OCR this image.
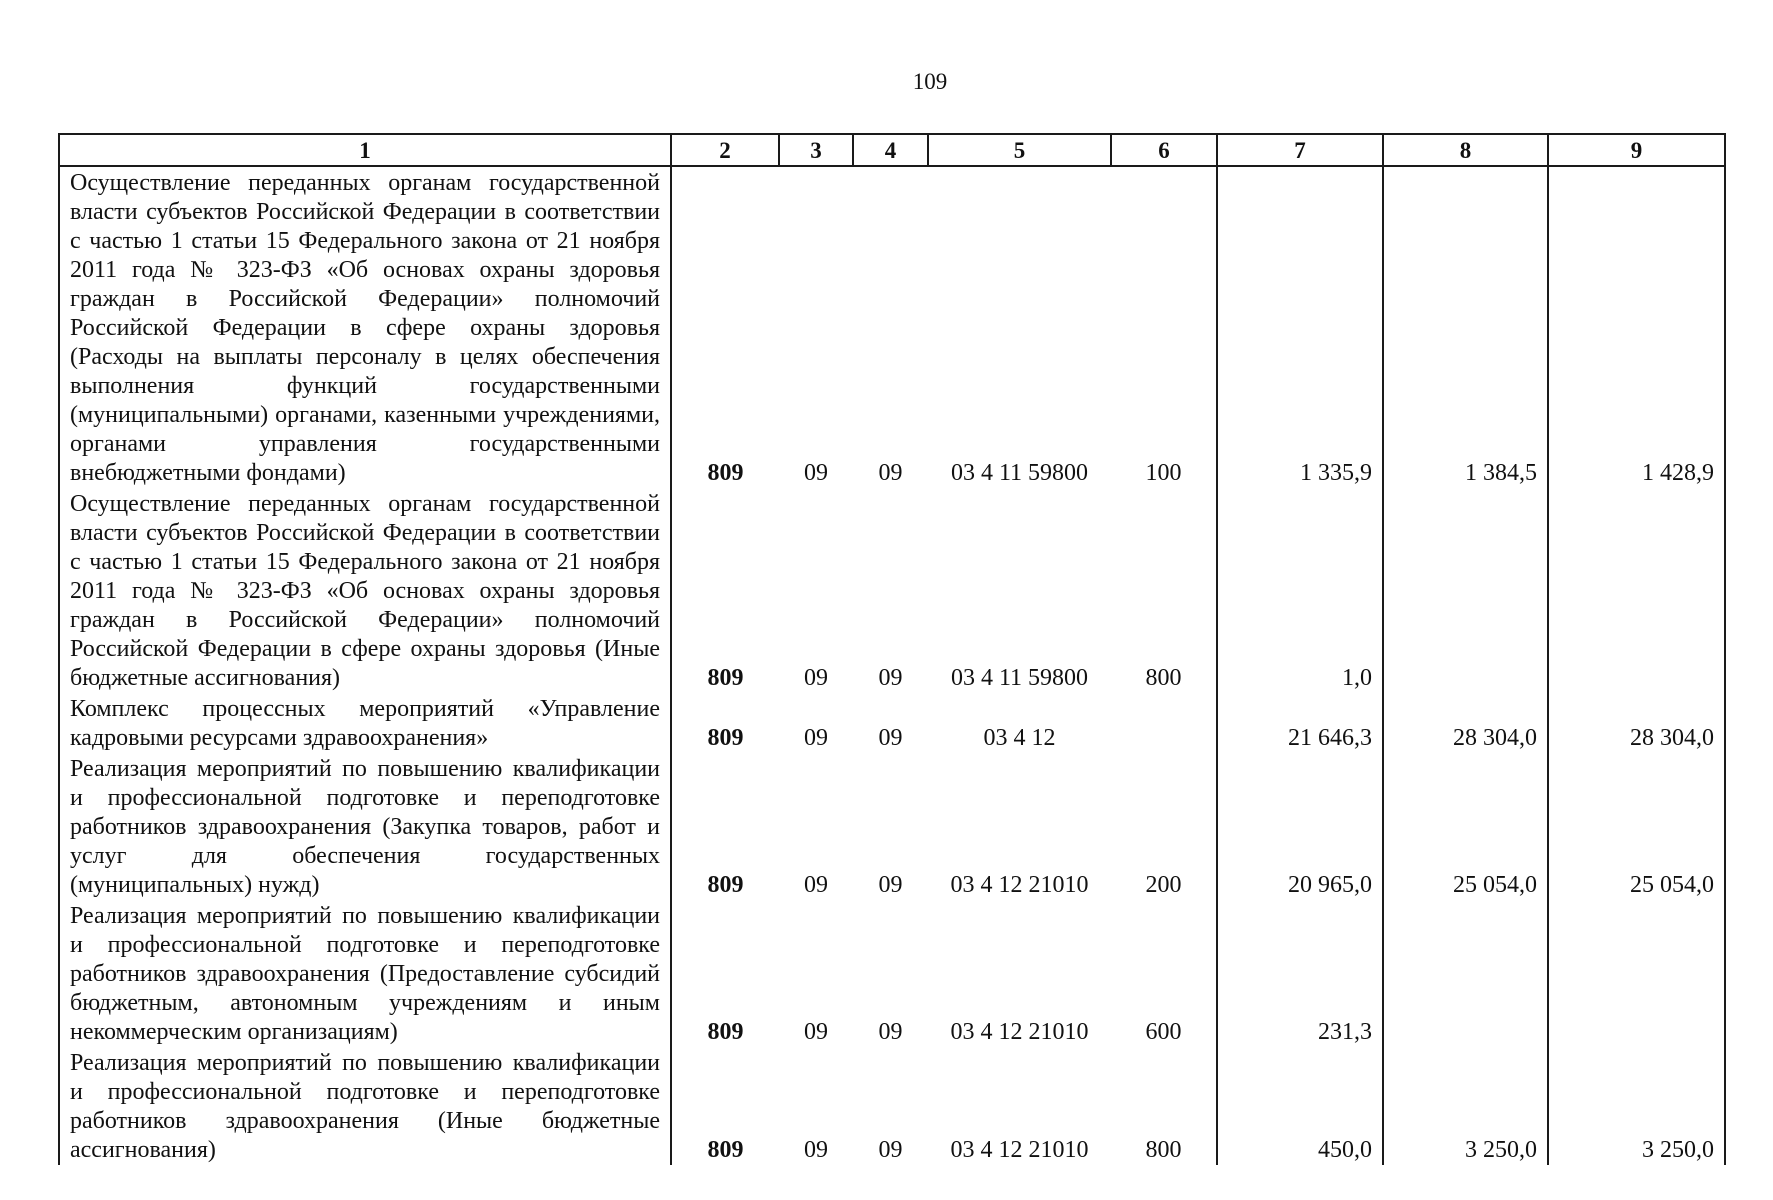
109
1	2	3	4	5	6	7	8	9
Осуществление переданных органам государственной власти субъектов Российской Федерации в соответствии с частью 1 статьи 15 Федерального закона от 21 ноября 2011 года № 323-ФЗ «Об основах охраны здоровья граждан в Российской Федерации» полномочий Российской Федерации в сфере охраны здоровья (Расходы на выплаты персоналу в целях обеспечения выполнения функций государственными (муниципальными) органами, казенными учреждениями, органами управления государственными внебюджетными фондами)	809	09	09	03 4 11 59800	100	1 335,9	1 384,5	1 428,9
Осуществление переданных органам государственной власти субъектов Российской Федерации в соответствии с частью 1 статьи 15 Федерального закона от 21 ноября 2011 года № 323-ФЗ «Об основах охраны здоровья граждан в Российской Федерации» полномочий Российской Федерации в сфере охраны здоровья (Иные бюджетные ассигнования)	809	09	09	03 4 11 59800	800	1,0		
Комплекс процессных мероприятий «Управление кадровыми ресурсами здравоохранения»	809	09	09	03 4 12		21 646,3	28 304,0	28 304,0
Реализация мероприятий по повышению квалификации и профессиональной подготовке и переподготовке работников здравоохранения (Закупка товаров, работ и услуг для обеспечения государственных (муниципальных) нужд)	809	09	09	03 4 12 21010	200	20 965,0	25 054,0	25 054,0
Реализация мероприятий по повышению квалификации и профессиональной подготовке и переподготовке работников здравоохранения (Предоставление субсидий бюджетным, автономным учреждениям и иным некоммерческим организациям)	809	09	09	03 4 12 21010	600	231,3		
Реализация мероприятий по повышению квалификации и профессиональной подготовке и переподготовке работников здравоохранения (Иные бюджетные ассигнования)	809	09	09	03 4 12 21010	800	450,0	3 250,0	3 250,0
